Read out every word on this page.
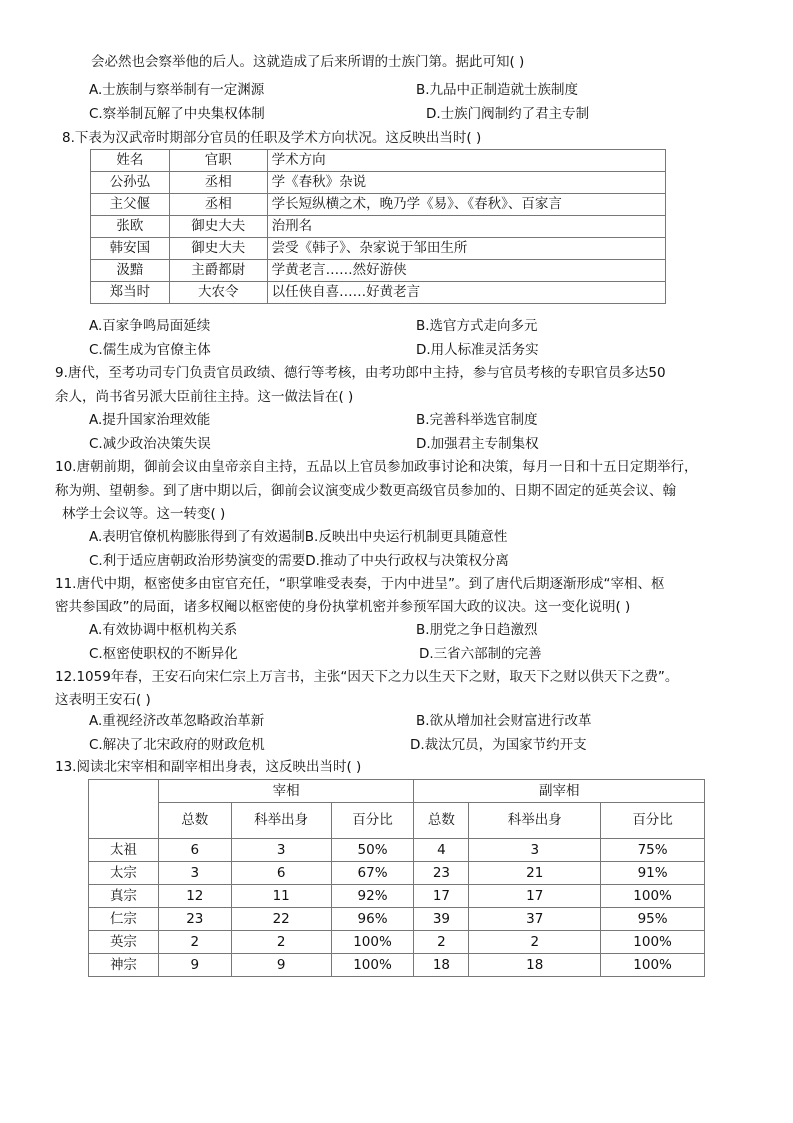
会必然也会察举他的后人。这就造成了后来所谓的士族门第。据此可知( )
A.士族制与察举制有一定渊源	B.九品中正制造就士族制度
C.察举制瓦解了中央集权体制	D.士族门阀制约了君主专制
8.下表为汉武帝时期部分官员的任职及学术方向状况。这反映出当时( )
姓名	官职	学术方向
公孙弘	丞相	学《春秋》杂说
主父偃	丞相	学长短纵横之术，晚乃学《易》、《春秋》、百家言
张欧	御史大夫	治刑名
韩安国	御史大夫	尝受《韩子》、杂家说于邹田生所
汲黯	主爵都尉	学黄老言……然好游侠
郑当时	大农令	以任侠自喜……好黄老言
A.百家争鸣局面延续	B.选官方式走向多元
C.儒生成为官僚主体	D.用人标准灵活务实
9.唐代，至考功司专门负责官员政绩、德行等考核，由考功郎中主持，参与官员考核的专职官员多达50
余人，尚书省另派大臣前往主持。这一做法旨在( )
A.提升国家治理效能	B.完善科举选官制度
C.减少政治决策失误	D.加强君主专制集权
10.唐朝前期，御前会议由皇帝亲自主持，五品以上官员参加政事讨论和决策，每月一日和十五日定期举行，
称为朔、望朝参。到了唐中期以后，御前会议演变成少数更高级官员参加的、日期不固定的延英会议、翰
林学士会议等。这一转变( )
A.表明官僚机构膨胀得到了有效遏制B.反映出中央运行机制更具随意性
C.利于适应唐朝政治形势演变的需要D.推动了中央行政权与决策权分离
11.唐代中期，枢密使多由宦官充任，“职掌唯受表奏，于内中进呈”。到了唐代后期逐渐形成“宰相、枢
密共参国政”的局面，诸多权阉以枢密使的身份执掌机密并参预军国大政的议决。这一变化说明( )
A.有效协调中枢机构关系	B.朋党之争日趋激烈
C.枢密使职权的不断异化	D.三省六部制的完善
12.1059年春，王安石向宋仁宗上万言书，主张“因天下之力以生天下之财，取天下之财以供天下之费”。
这表明王安石( )
A.重视经济改革忽略政治革新	B.欲从增加社会财富进行改革
C.解决了北宋政府的财政危机	D.裁汰冗员，为国家节约开支
13.阅读北宋宰相和副宰相出身表，这反映出当时( )
	宰相			副宰相		
	总数	科举出身	百分比	总数	科举出身	百分比
太祖	6	3	50%	4	3	75%
太宗	3	6	67%	23	21	91%
真宗	12	11	92%	17	17	100%
仁宗	23	22	96%	39	37	95%
英宗	2	2	100%	2	2	100%
神宗	9	9	100%	18	18	100%
